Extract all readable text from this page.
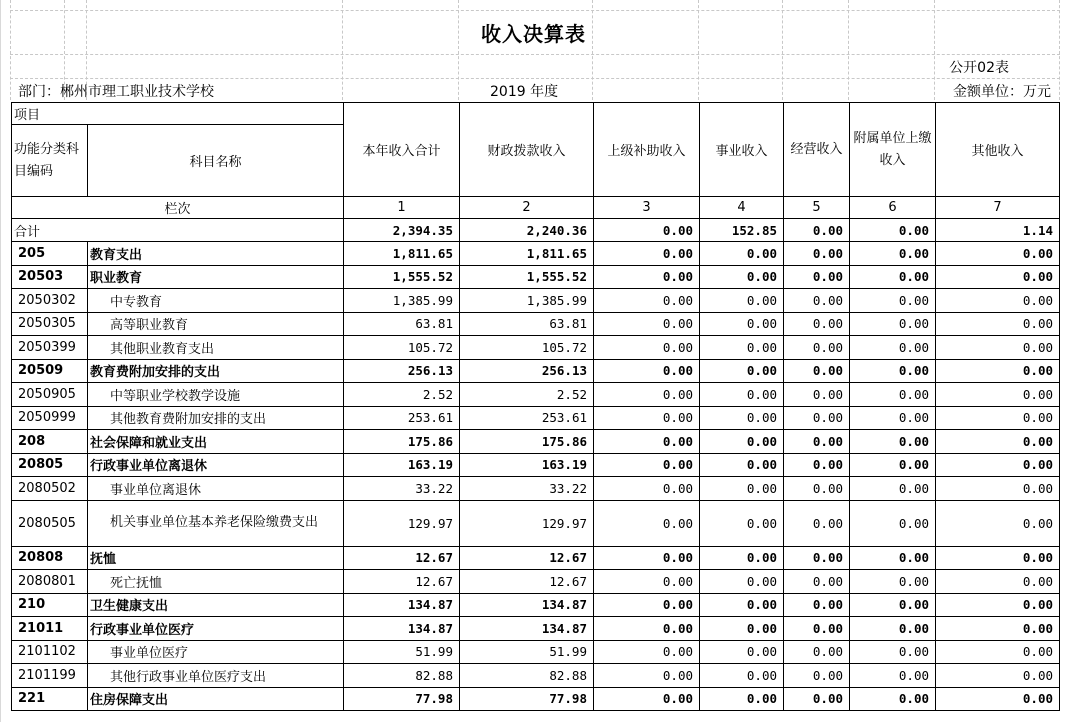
收入决算表
公开02表
部门：郴州市理工职业技术学校	2019 年度	金额单位：万元
项目		本年收入合计	财政拨款收入	上级补助收入	事业收入	经营收入	附属单位上缴收入	其他收入
功能分类科目编码	科目名称							
栏次		1	2	3	4	5	6	7
合计		2,394.35	2,240.36	0.00	152.85	0.00	0.00	1.14
205	教育支出	1,811.65	1,811.65	0.00	0.00	0.00	0.00	0.00
20503	职业教育	1,555.52	1,555.52	0.00	0.00	0.00	0.00	0.00
2050302	中专教育	1,385.99	1,385.99	0.00	0.00	0.00	0.00	0.00
2050305	高等职业教育	63.81	63.81	0.00	0.00	0.00	0.00	0.00
2050399	其他职业教育支出	105.72	105.72	0.00	0.00	0.00	0.00	0.00
20509	教育费附加安排的支出	256.13	256.13	0.00	0.00	0.00	0.00	0.00
2050905	中等职业学校教学设施	2.52	2.52	0.00	0.00	0.00	0.00	0.00
2050999	其他教育费附加安排的支出	253.61	253.61	0.00	0.00	0.00	0.00	0.00
208	社会保障和就业支出	175.86	175.86	0.00	0.00	0.00	0.00	0.00
20805	行政事业单位离退休	163.19	163.19	0.00	0.00	0.00	0.00	0.00
2080502	事业单位离退休	33.22	33.22	0.00	0.00	0.00	0.00	0.00
2080505	机关事业单位基本养老保险缴费支出	129.97	129.97	0.00	0.00	0.00	0.00	0.00
20808	抚恤	12.67	12.67	0.00	0.00	0.00	0.00	0.00
2080801	死亡抚恤	12.67	12.67	0.00	0.00	0.00	0.00	0.00
210	卫生健康支出	134.87	134.87	0.00	0.00	0.00	0.00	0.00
21011	行政事业单位医疗	134.87	134.87	0.00	0.00	0.00	0.00	0.00
2101102	事业单位医疗	51.99	51.99	0.00	0.00	0.00	0.00	0.00
2101199	其他行政事业单位医疗支出	82.88	82.88	0.00	0.00	0.00	0.00	0.00
221	住房保障支出	77.98	77.98	0.00	0.00	0.00	0.00	0.00
